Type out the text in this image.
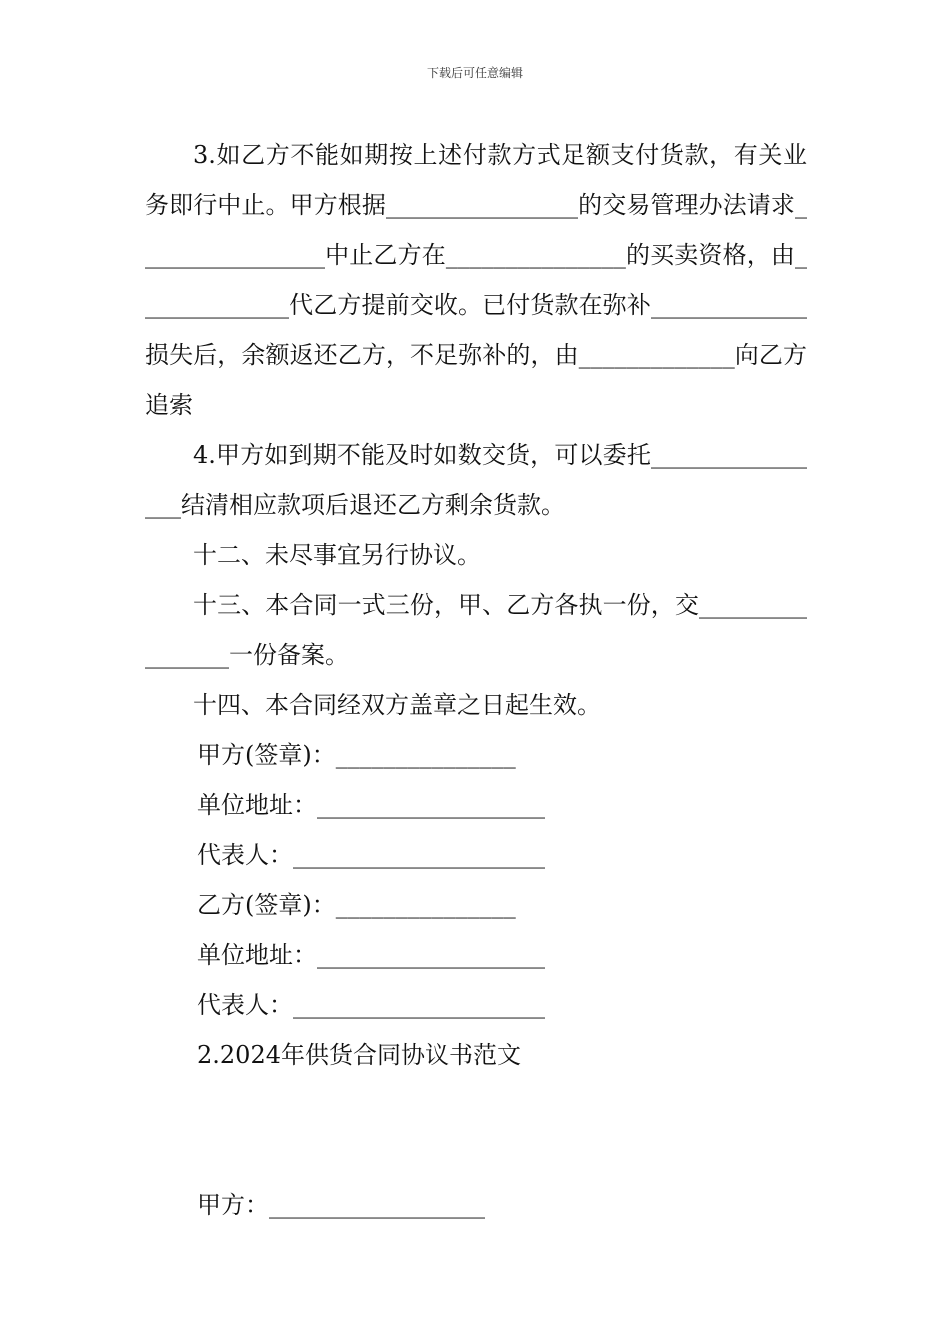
下载后可任意编辑

3.如乙方不能如期按上述付款方式足额支付货款，有关业务即行中止。甲方根据________________的交易管理办法请求________________中止乙方在_______________的买卖资格，由_____________代乙方提前交收。已付货款在弥补_____________损失后，余额返还乙方，不足弥补的，由_____________向乙方追索

4.甲方如到期不能及时如数交货，可以委托________________结清相应款项后退还乙方剩余货款。

十二、未尽事宜另行协议。

十三、本合同一式三份，甲、乙方各执一份，交________________一份备案。

十四、本合同经双方盖章之日起生效。

甲方(签章)：_______________

单位地址：___________________

代表人：_____________________

乙方(签章)：_______________

单位地址：___________________

代表人：_____________________

2.2024年供货合同协议书范文

甲方：__________________
